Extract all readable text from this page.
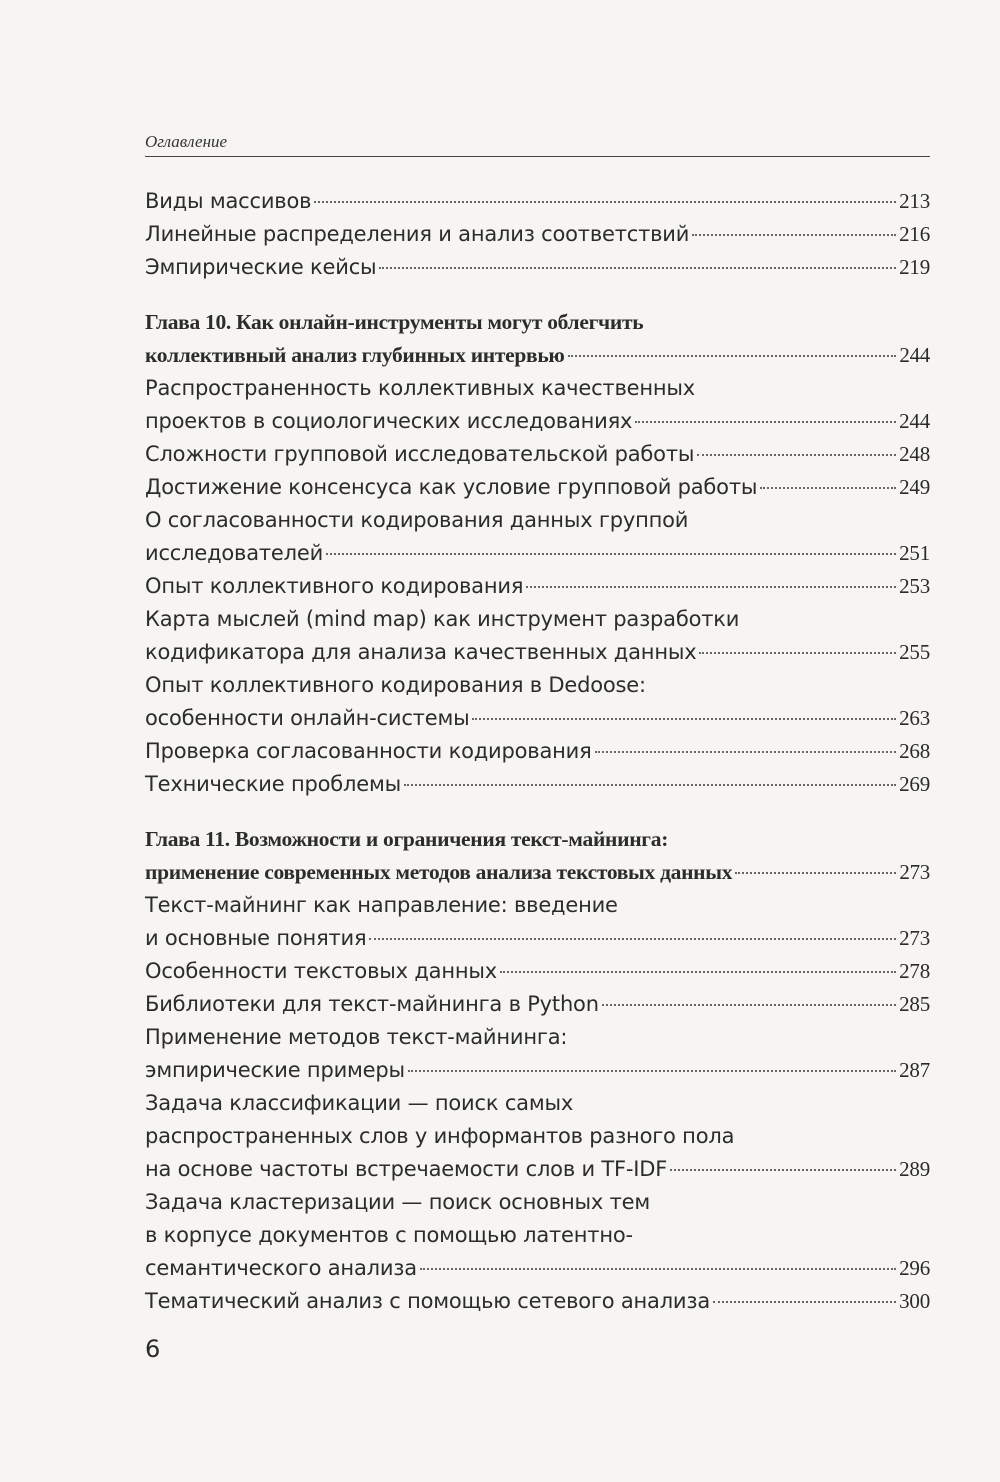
Оглавление
Виды массивов	213
Линейные распределения и анализ соответствий	216
Эмпирические кейсы	219
Глава 10. Как онлайн-инструменты могут облегчить
коллективный анализ глубинных интервью	244
Распространенность коллективных качественных
проектов в социологических исследованиях	244
Сложности групповой исследовательской работы	248
Достижение консенсуса как условие групповой работы	249
О согласованности кодирования данных группой
исследователей	251
Опыт коллективного кодирования	253
Карта мыслей (mind map) как инструмент разработки
кодификатора для анализа качественных данных	255
Опыт коллективного кодирования в Dedoose:
особенности онлайн-системы	263
Проверка согласованности кодирования	268
Технические проблемы	269
Глава 11. Возможности и ограничения текст-майнинга:
применение современных методов анализа текстовых данных	273
Текст-майнинг как направление: введение
и основные понятия	273
Особенности текстовых данных	278
Библиотеки для текст-майнинга в Python	285
Применение методов текст-майнинга:
эмпирические примеры	287
Задача классификации — поиск самых
распространенных слов у информантов разного пола
на основе частоты встречаемости слов и TF-IDF	289
Задача кластеризации — поиск основных тем
в корпусе документов с помощью латентно-
семантического анализа	296
Тематический анализ с помощью сетевого анализа	300
6
